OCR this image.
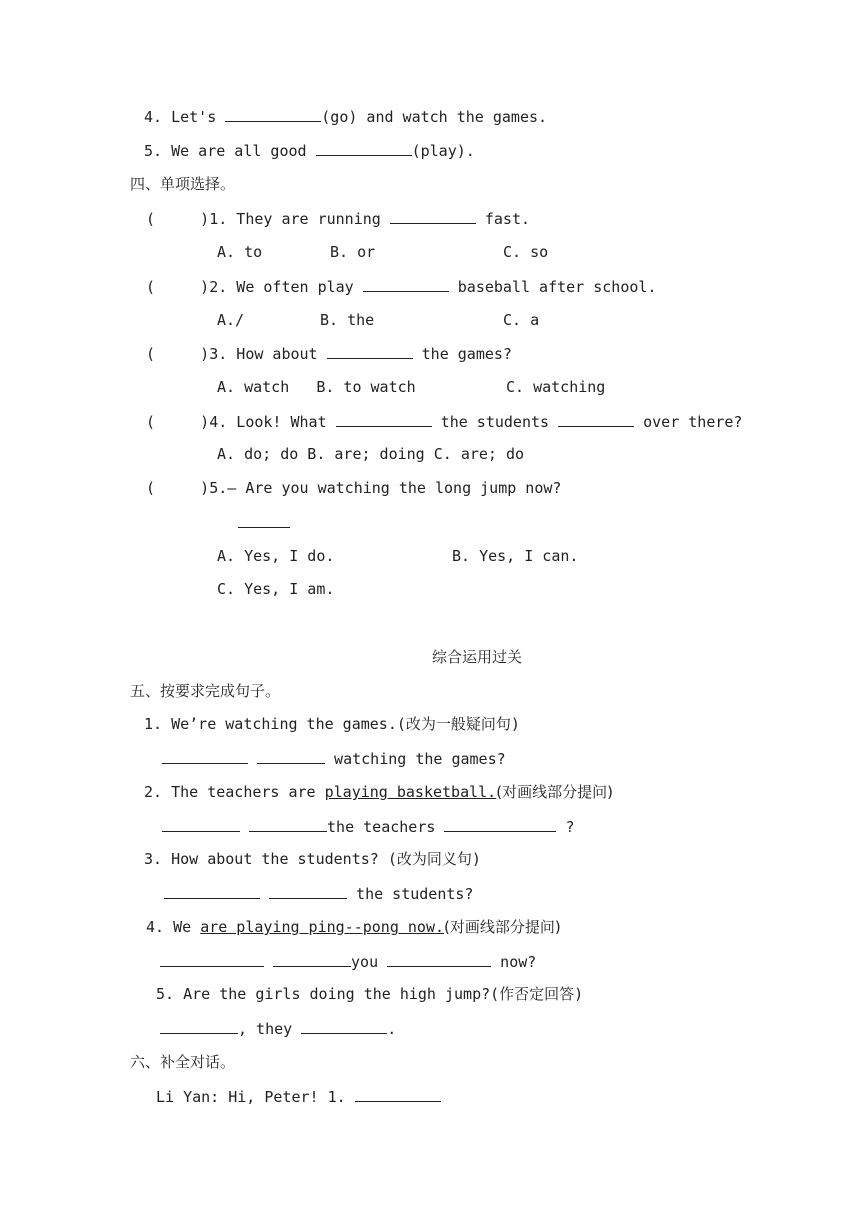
4. Let's	(go) and watch the games.
5. We are all good	(play).
四、单项选择。
(     )1. They are running	fast.
A. to	B. or	C. so
(     )2. We often play	baseball after school.
A./	B. the	C. a
(     )3. How about	the games?
A. watch   B. to watch          C. watching
(     )4. Look! What	the students	over there?
A. do; do B. are; doing C. are; do
(     )5.— Are you watching the long jump now?
A. Yes, I do.	B. Yes, I can.
C. Yes, I am.
综合运用过关
五、按要求完成句子。
1. We’re watching the games.(改为一般疑问句)
watching the games?
2. The teachers are playing basketball.(对画线部分提问)
the teachers	?
3. How about the students? (改为同义句)
the students?
4. We are playing ping--pong now.(对画线部分提问)
you	now?
5. Are the girls doing the high jump?(作否定回答)
, they	.
六、补全对话。
Li Yan: Hi, Peter! 1.
